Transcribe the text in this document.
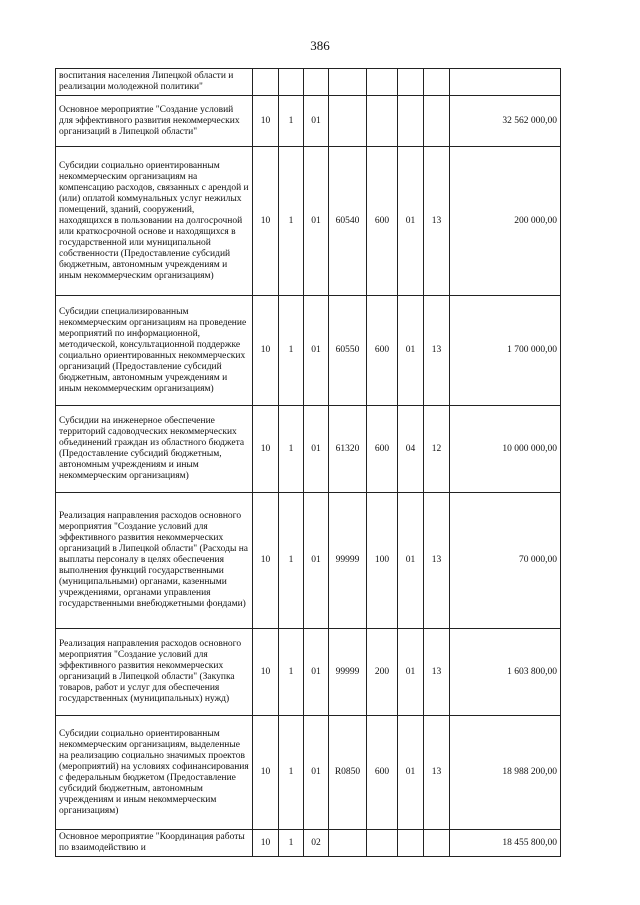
386
воспитания населения Липецкой области и реализации молодежной политики"								
Основное мероприятие "Создание условий для эффективного развития некоммерческих организаций в Липецкой области"	10	1	01					32 562 000,00
Субсидии социально ориентированным некоммерческим организациям на компенсацию расходов, связанных с арендой и (или) оплатой коммунальных услуг нежилых помещений, зданий, сооружений, находящихся в пользовании на долгосрочной или краткосрочной основе и находящихся в государственной или муниципальной собственности (Предоставление субсидий бюджетным, автономным учреждениям и иным некоммерческим организациям)	10	1	01	60540	600	01	13	200 000,00
Субсидии специализированным некоммерческим организациям на проведение мероприятий по информационной, методической, консультационной поддержке социально ориентированных некоммерческих организаций (Предоставление субсидий бюджетным, автономным учреждениям и иным некоммерческим организациям)	10	1	01	60550	600	01	13	1 700 000,00
Субсидии на инженерное обеспечение территорий садоводческих некоммерческих объединений граждан из областного бюджета (Предоставление субсидий бюджетным, автономным учреждениям и иным некоммерческим организациям)	10	1	01	61320	600	04	12	10 000 000,00
Реализация направления расходов основного мероприятия "Создание условий для эффективного развития некоммерческих организаций в Липецкой области" (Расходы на выплаты персоналу в целях обеспечения выполнения функций государственными (муниципальными) органами, казенными учреждениями, органами управления государственными внебюджетными фондами)	10	1	01	99999	100	01	13	70 000,00
Реализация направления расходов основного мероприятия "Создание условий для эффективного развития некоммерческих организаций в Липецкой области" (Закупка товаров, работ и услуг для обеспечения государственных (муниципальных) нужд)	10	1	01	99999	200	01	13	1 603 800,00
Субсидии социально ориентированным некоммерческим организациям, выделенные на реализацию социально значимых проектов (мероприятий) на условиях софинансирования с федеральным бюджетом (Предоставление субсидий бюджетным, автономным учреждениям и иным некоммерческим организациям)	10	1	01	R0850	600	01	13	18 988 200,00
Основное мероприятие "Координация работы по взаимодействию и	10	1	02					18 455 800,00
